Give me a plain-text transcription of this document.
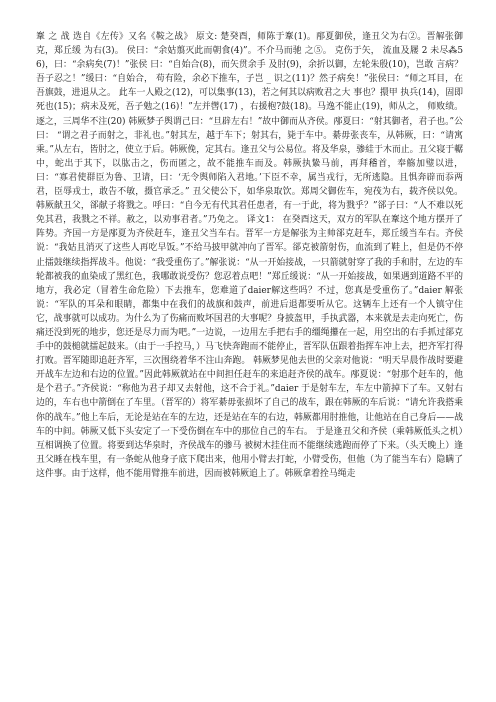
鞌 之 战 选自《左传》又名《鞍之战》 原文: 楚癸酉，师陈于鞌(1)。邴夏御侯，逢丑父为右②。晋解张御 克，郑丘缓 为右(3)。 侯曰：“余姑翦灭此而朝食(4)”。不介马而驰 之⑤。 克伤于矢， 流血及屦 2 未尽⁂56)，曰：“余病矣(7)！”张侯 曰：“自始合(8)，而矢贯余手 及肘(9)，余折以御，左轮朱殷(10)，岂敢 言病？吾子忍之！”缓曰：“自始合， 苟有险，余必下推车，子岂 _ 识之(11)？然子病矣！”张侯曰：“师之耳目，在 吾旗鼓，进退从之。 此车一人殿之(12)，可以集事(13)，若之何其以病败君之大 事也？擐甲 执兵(14)，固即死也(15)；病未及死，吾子勉之(16)！”左并辔(17) ，右援枹?鼓(18)。马逸不能止(19)，师从之， 师败绩。逐之，三周华不注(20) 韩厥梦子舆谓己曰：“旦辟左右！”故中御而从齐侯。邴夏曰：“射其御者，君子也。”公曰： “谓之君子而射之，非礼也。”射其左，越于车下；射其右，毙于车中。綦毋张丧车，从韩厥，曰：“请寓乘。”从左右，皆肘之，使立于后。韩厥俛，定其右。逢丑父与公易位。将及华泉，骖絓于木而止。丑父寝于轏中，蛇出于其下，以肱击之，伤而匿之，故不能推车而及。韩厥执絷马前，再拜稽首，奉觞加璧以进，曰：“寡君使群臣为鲁、卫请，曰：‘无令舆师陷入君地。’下臣不幸，属当戎行，无所逃隐。且惧奔辟而忝两君，臣辱戎士，敢告不敏，摄官承乏。” 丑父使公下，如华泉取饮。郑周父御佐车，宛茷为右，载齐侯以免。韩厥献丑父，郤献子将戮之。呼曰：“自今无有代其君任患者，有一于此，将为戮乎？”郤子曰：“人不难以死免其君，我戮之不祥。赦之，以劝事君者。”乃免之。 译文1： 在癸酉这天，双方的军队在鞌这个地方摆开了阵势。齐国一方是邴夏为齐侯赶车，逢丑父当车右。晋军一方是解张为主帅郤克赶车，郑丘缓当车右。齐侯说：“我姑且消灭了这些人再吃早饭。”不给马披甲就冲向了晋军。郤克被箭射伤，血流到了鞋上，但是仍不停止擂鼓继续指挥战斗。他说：“我受重伤了。”解张说：“从一开始接战，一只箭就射穿了我的手和肘，左边的车轮都被我的血染成了黑红色，我哪敢说受伤？您忍着点吧！”郑丘缓说：“从一开始接战，如果遇到道路不平的地方，我必定（冒着生命危险）下去推车，您难道了daier解这些吗？不过，您真是受重伤了。”daier 解张说：“军队的耳朵和眼睛，都集中在我们的战旗和鼓声，前进后退都要听从它。这辆车上还有一个人镇守住它，战事就可以成功。为什么为了伤痛而败坏国君的大事呢？身披盔甲，手执武器，本来就是去走向死亡，伤痛还没到死的地步，您还是尽力而为吧。”一边说，一边用左手把右手的缰绳攥在一起，用空出的右手抓过郤克手中的鼓槌就擂起鼓来。（由于一手控马，）马飞快奔跑而不能停止，晋军队伍跟着指挥车冲上去，把齐军打得打败。晋军随即追赶齐军，三次围绕着华不注山奔跑。 韩厥梦见他去世的父亲对他说：“明天早晨作战时要避开战车左边和右边的位置。”因此韩厥就站在中间担任赶车的来追赶齐侯的战车。邴夏说：“射那个赶车的，他是个君子。”齐侯说：“称他为君子却又去射他，这不合于礼。”daier 于是射车左，车左中箭掉下了车。又射右边的，车右也中箭倒在了车里。（晋军的）将军綦毋张损坏了自己的战车，跟在韩厥的车后说：“请允许我搭乘你的战车。”他上车后，无论是站在车的左边，还是站在车的右边，韩厥都用肘推他，让他站在自己身后——战车的中间。韩厥又低下头安定了一下受伤倒在车中的那位自己的车右。 于是逢丑父和齐侯（乘韩厥低头之机）互相调换了位置。将要到达华泉时，齐侯战车的骖马 被树木挂住而不能继续逃跑而停了下来。（头天晚上）逢丑父睡在栈车里，有一条蛇从他身子底下爬出来，他用小臂去打蛇，小臂受伤，但他（为了能当车右）隐瞒了这件事。由于这样，他不能用臂推车前进，因而被韩厥追上了。韩厥拿着拴马绳走
